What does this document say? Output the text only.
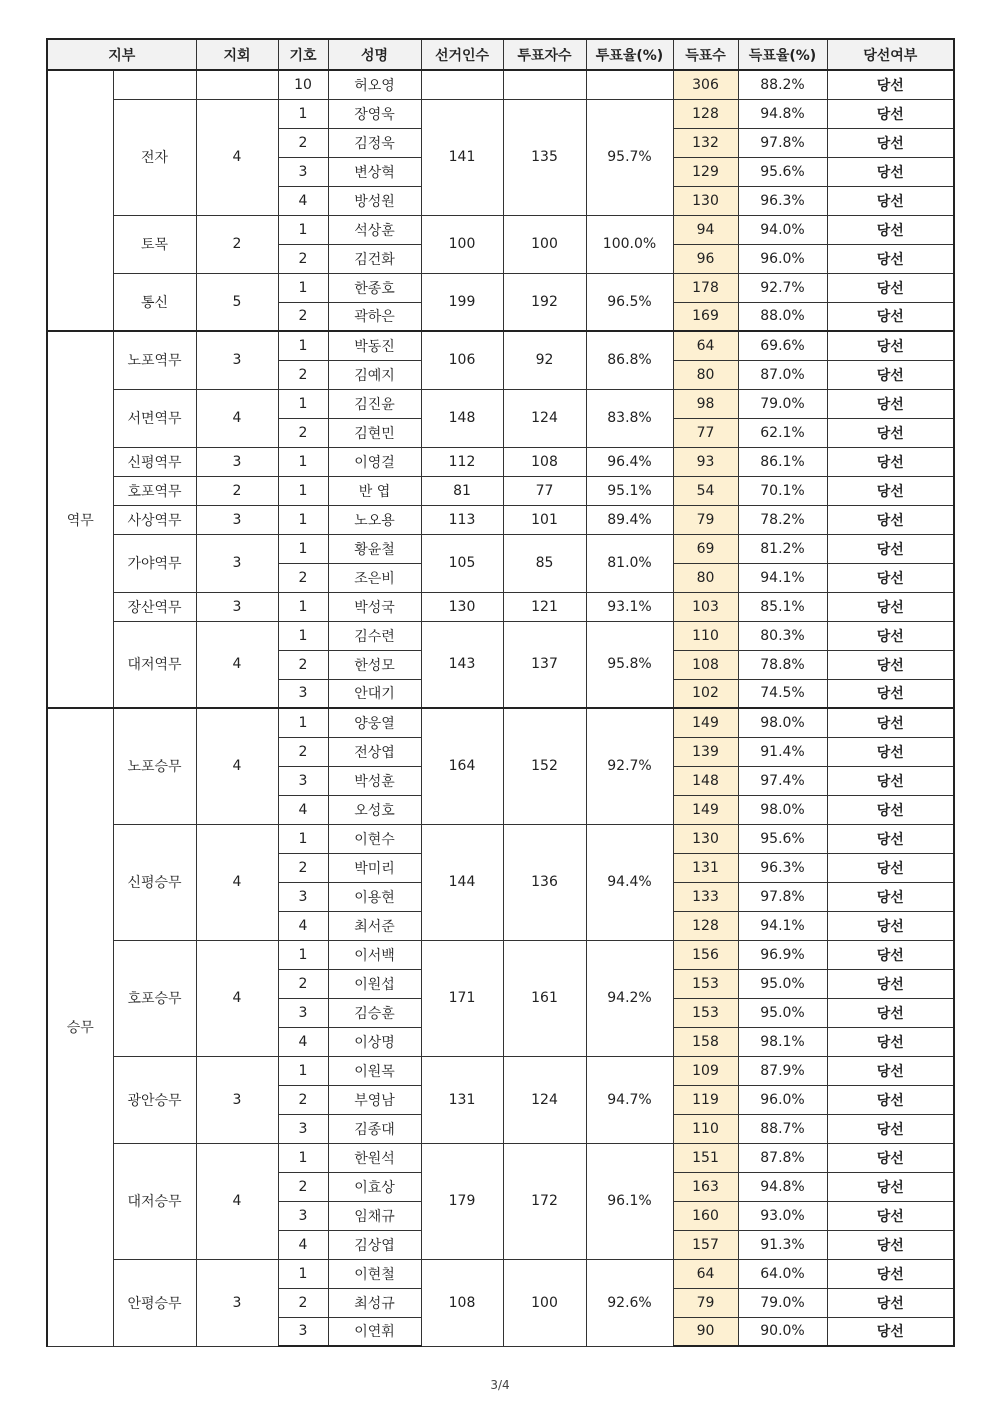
지부		지회	기호	성명	선거인수	투표자수	투표율(%)	득표수	득표율(%)	당선여부
			10	허오영				306	88.2%	당선
	전자	4	1	장영욱	141	135	95.7%	128	94.8%	당선
			2	김정욱				132	97.8%	당선
			3	변상혁				129	95.6%	당선
			4	방성원				130	96.3%	당선
	토목	2	1	석상훈	100	100	100.0%	94	94.0%	당선
			2	김건화				96	96.0%	당선
	통신	5	1	한종호	199	192	96.5%	178	92.7%	당선
			2	곽하은				169	88.0%	당선
역무	노포역무	3	1	박동진	106	92	86.8%	64	69.6%	당선
			2	김예지				80	87.0%	당선
	서면역무	4	1	김진윤	148	124	83.8%	98	79.0%	당선
			2	김현민				77	62.1%	당선
	신평역무	3	1	이영걸	112	108	96.4%	93	86.1%	당선
	호포역무	2	1	반 엽	81	77	95.1%	54	70.1%	당선
	사상역무	3	1	노오용	113	101	89.4%	79	78.2%	당선
	가야역무	3	1	황윤철	105	85	81.0%	69	81.2%	당선
			2	조은비				80	94.1%	당선
	장산역무	3	1	박성국	130	121	93.1%	103	85.1%	당선
	대저역무	4	1	김수련	143	137	95.8%	110	80.3%	당선
			2	한성모				108	78.8%	당선
			3	안대기				102	74.5%	당선
승무	노포승무	4	1	양웅열	164	152	92.7%	149	98.0%	당선
			2	전상엽				139	91.4%	당선
			3	박성훈				148	97.4%	당선
			4	오성호				149	98.0%	당선
	신평승무	4	1	이현수	144	136	94.4%	130	95.6%	당선
			2	박미리				131	96.3%	당선
			3	이용현				133	97.8%	당선
			4	최서준				128	94.1%	당선
	호포승무	4	1	이서백	171	161	94.2%	156	96.9%	당선
			2	이원섭				153	95.0%	당선
			3	김승훈				153	95.0%	당선
			4	이상명				158	98.1%	당선
	광안승무	3	1	이원목	131	124	94.7%	109	87.9%	당선
			2	부영남				119	96.0%	당선
			3	김종대				110	88.7%	당선
	대저승무	4	1	한원석	179	172	96.1%	151	87.8%	당선
			2	이효상				163	94.8%	당선
			3	임채규				160	93.0%	당선
			4	김상엽				157	91.3%	당선
	안평승무	3	1	이현철	108	100	92.6%	64	64.0%	당선
			2	최성규				79	79.0%	당선
			3	이연휘				90	90.0%	당선
3/4
